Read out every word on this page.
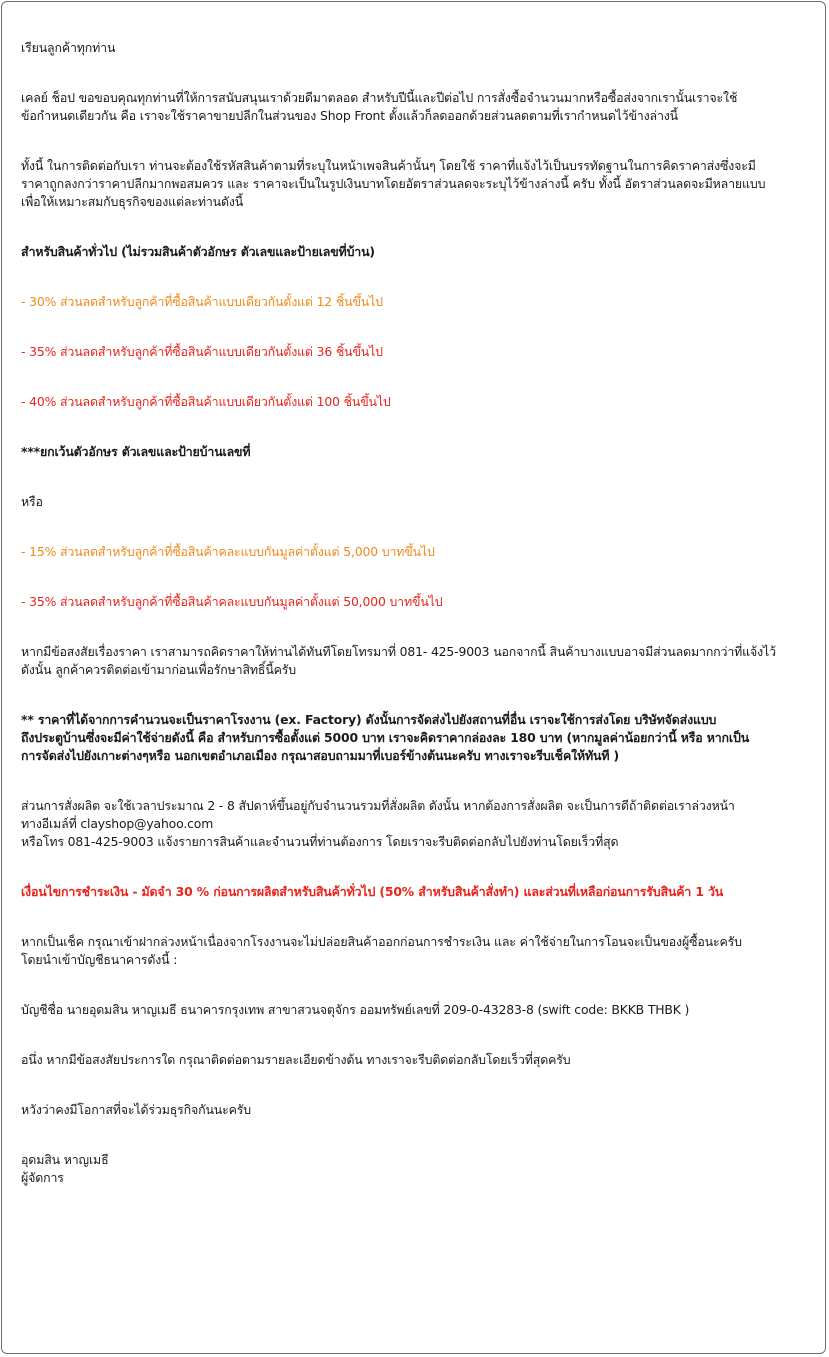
เรียนลูกค้าทุกท่าน
เคลย์ ช็อป ขอขอบคุณทุกท่านที่ให้การสนับสนุนเราด้วยดีมาตลอด สำหรับปีนี้และปีต่อไป การสั่งซื้อจำนวนมากหรือซื้อส่งจากเรานั้นเราจะใช้
ข้อกำหนดเดียวกัน คือ เราจะใช้ราคาขายปลีกในส่วนของ Shop Front ตั้งแล้วก็ลดออกด้วยส่วนลดตามที่เรากำหนดไว้ข้างล่างนี้
ทั้งนี้ ในการติดต่อกับเรา ท่านจะต้องใช้รหัสสินค้าตามที่ระบุในหน้าเพจสินค้านั้นๆ โดยใช้ ราคาที่แจ้งไว้เป็นบรรทัดฐานในการคิดราคาส่งซึ่งจะมี
ราคาถูกลงกว่าราคาปลีกมากพอสมควร และ ราคาจะเป็นในรูปเงินบาทโดยอัตราส่วนลดจะระบุไว้ข้างล่างนี้ ครับ ทั้งนี้ อัตราส่วนลดจะมีหลายแบบ
เพื่อให้เหมาะสมกับธุรกิจของแต่ละท่านดังนี้
สำหรับสินค้าทั่วไป (ไม่รวมสินค้าตัวอักษร ตัวเลขและป้ายเลขที่บ้าน)
- 30% ส่วนลดสำหรับลูกค้าที่ซื้อสินค้าแบบเดียวกันตั้งแต่ 12 ชิ้นขึ้นไป
- 35% ส่วนลดสำหรับลูกค้าที่ซื้อสินค้าแบบเดียวกันตั้งแต่ 36 ชิ้นขึ้นไป
- 40% ส่วนลดสำหรับลูกค้าที่ซื้อสินค้าแบบเดียวกันตั้งแต่ 100 ชิ้นขึ้นไป
***ยกเว้นตัวอักษร ตัวเลขและป้ายบ้านเลขที่
หรือ
- 15% ส่วนลดสำหรับลูกค้าที่ซื้อสินค้าคละแบบกันมูลค่าตั้งแต่ 5,000 บาทขึ้นไป
- 35% ส่วนลดสำหรับลูกค้าที่ซื้อสินค้าคละแบบกันมูลค่าตั้งแต่ 50,000 บาทขึ้นไป
หากมีข้อสงสัยเรื่องราคา เราสามารถคิดราคาให้ท่านได้ทันทีโดยโทรมาที่ 081- 425-9003 นอกจากนี้ สินค้าบางแบบอาจมีส่วนลดมากกว่าที่แจ้งไว้
ดังนั้น ลูกค้าควรติดต่อเข้ามาก่อนเพื่อรักษาสิทธิ์นี้ครับ
** ราคาที่ได้จากการคำนวนจะเป็นราคาโรงงาน (ex. Factory) ดังนั้นการจัดส่งไปยังสถานที่อื่น เราจะใช้การส่งโดย บริษัทจัดส่งแบบ
ถึงประตูบ้านซึ่งจะมีค่าใช้จ่ายดังนี้ คือ สำหรับการซื้อตั้งแต่ 5000 บาท เราจะคิดราคากล่องละ 180 บาท (หากมูลค่าน้อยกว่านี้ หรือ หากเป็น
การจัดส่งไปยังเกาะต่างๆหรือ นอกเขตอำเภอเมือง กรุณาสอบถามมาที่เบอร์ข้างต้นนะครับ ทางเราจะรีบเช็คให้ทันที )
ส่วนการสั่งผลิต จะใช้เวลาประมาณ 2 - 8 สัปดาห์ขึ้นอยู่กับจำนวนรวมที่สั่งผลิต ดังนั้น หากต้องการสั่งผลิต จะเป็นการดีถ้าติดต่อเราล่วงหน้า
ทางอีเมล์ที่ clayshop@yahoo.com
หรือโทร 081-425-9003 แจ้งรายการสินค้าและจำนวนที่ท่านต้องการ โดยเราจะรีบติดต่อกลับไปยังท่านโดยเร็วที่สุด
เงื่อนไขการชำระเงิน - มัดจำ 30 % ก่อนการผลิตสำหรับสินค้าทั่วไป (50% สำหรับสินค้าสั่งทำ) และส่วนที่เหลือก่อนการรับสินค้า 1 วัน
หากเป็นเช็ค กรุณาเข้าฝากล่วงหน้าเนื่องจากโรงงานจะไม่ปล่อยสินค้าออกก่อนการชำระเงิน และ ค่าใช้จ่ายในการโอนจะเป็นของผู้ซื้อนะครับ
โดยนำเข้าบัญชีธนาคารดังนี้ :
บัญชีชื่อ นายอุดมสิน หาญเมธี ธนาคารกรุงเทพ สาขาสวนจตุจักร ออมทรัพย์เลขที่ 209-0-43283-8 (swift code: BKKB THBK )
อนึ่ง หากมีข้อสงสัยประการใด กรุณาติดต่อตามรายละเอียดข้างต้น ทางเราจะรีบติดต่อกลับโดยเร็วที่สุดครับ
หวังว่าคงมีโอกาสที่จะได้ร่วมธุรกิจกันนะครับ
อุดมสิน หาญเมธี
ผู้จัดการ
